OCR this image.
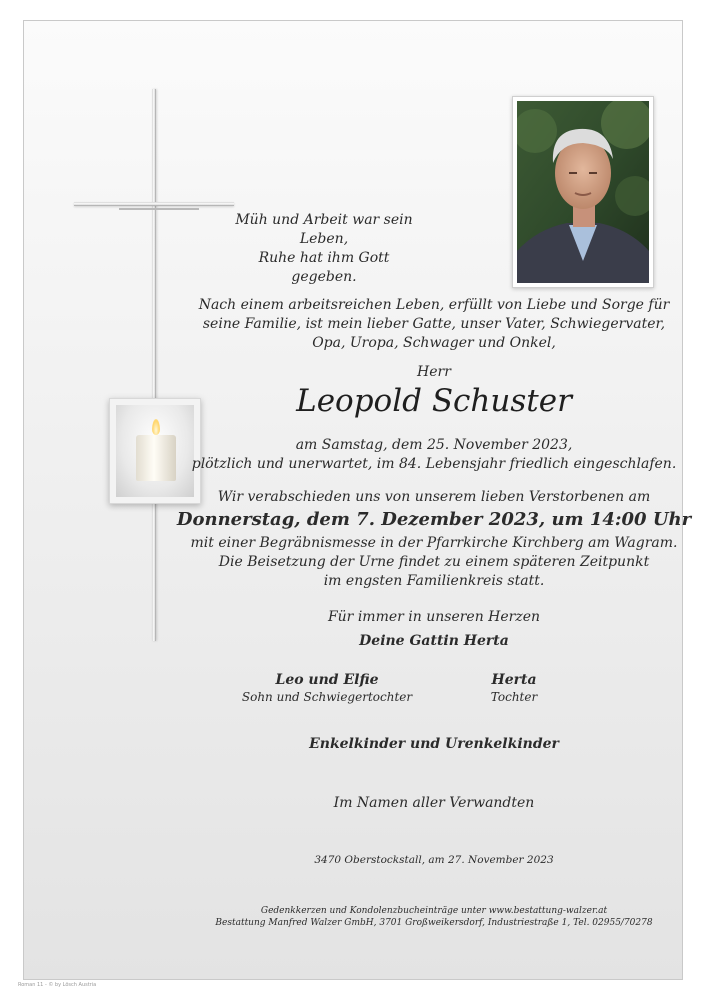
Müh und Arbeit war sein Leben,
Ruhe hat ihm Gott gegeben.
Nach einem arbeitsreichen Leben, erfüllt von Liebe und Sorge für
seine Familie, ist mein lieber Gatte, unser Vater, Schwiegervater,
Opa, Uropa, Schwager und Onkel,
Herr
Leopold Schuster
am Samstag, dem 25. November 2023,
plötzlich und unerwartet, im 84. Lebensjahr friedlich eingeschlafen.
Wir verabschieden uns von unserem lieben Verstorbenen am
Donnerstag, dem 7. Dezember 2023, um 14:00 Uhr
mit einer Begräbnismesse in der Pfarrkirche Kirchberg am Wagram.
Die Beisetzung der Urne findet zu einem späteren Zeitpunkt
im engsten Familienkreis statt.
Für immer in unseren Herzen
Deine Gattin Herta
Leo und Elfie
Sohn und Schwiegertochter
Herta
Tochter
Enkelkinder und Urenkelkinder
Im Namen aller Verwandten
3470 Oberstockstall, am 27. November 2023
Gedenkkerzen und Kondolenzbucheinträge unter www.bestattung-walzer.at
Bestattung Manfred Walzer GmbH, 3701 Großweikersdorf, Industriestraße 1, Tel. 02955/70278
Roman 11 - © by Lösch Austria
